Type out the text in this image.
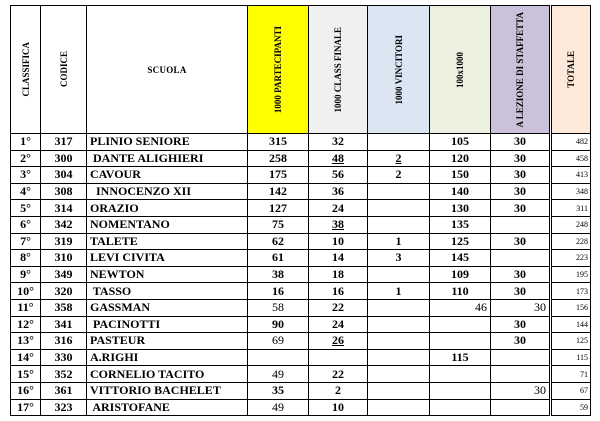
CLASSIFICA	CODICE	SCUOLA	1000 PARTECIPANTI	1000 CLASS FINALE	1000 VINCITORI	100x1000	A LEZIONE DI STAFFETTA		TOTALE

1°	317	PLINIO SENIORE	315	32		105	30		482
2°	300	DANTE ALIGHIERI	258	48	2	120	30		458
3°	304	CAVOUR	175	56	2	150	30		413
4°	308	INNOCENZO XII	142	36		140	30		348
5°	314	ORAZIO	127	24		130	30		311
6°	342	NOMENTANO	75	38		135			248
7°	319	TALETE	62	10	1	125	30		228
8°	310	LEVI CIVITA	61	14	3	145			223
9°	349	NEWTON	38	18		109	30		195
10°	320	TASSO	16	16	1	110	30		173
11°	358	GASSMAN	58	22		46	30		156
12°	341	PACINOTTI	90	24			30		144
13°	316	PASTEUR	69	26			30		125
14°	330	A.RIGHI				115			115
15°	352	CORNELIO TACITO	49	22					71
16°	361	VITTORIO BACHELET	35	2			30		67
17°	323	ARISTOFANE	49	10					59
